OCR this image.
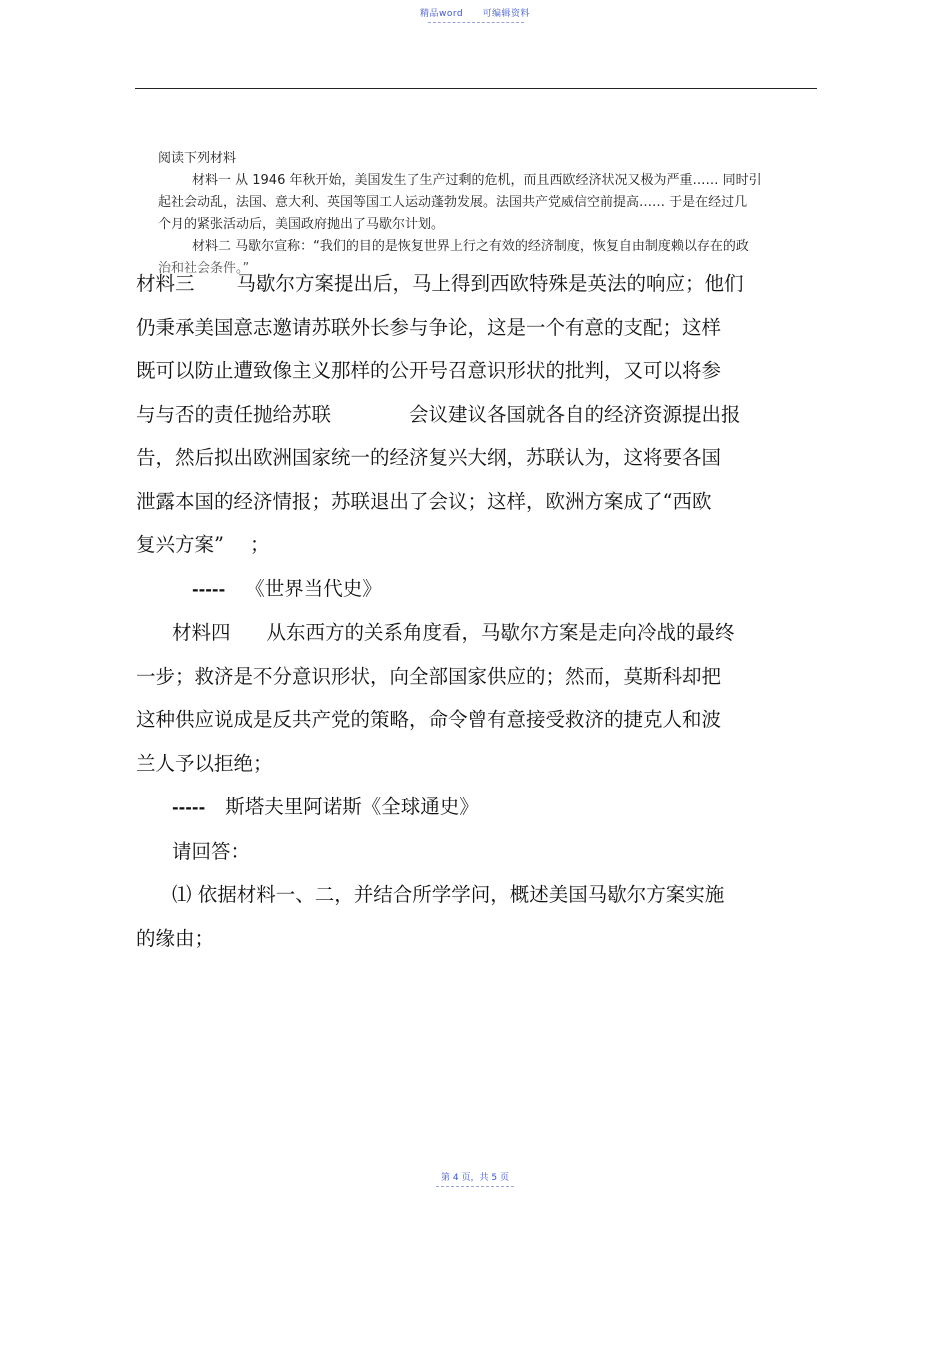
精品word 可编辑资料

阅读下列材料

材料一 从 1946 年秋开始，美国发生了生产过剩的危机，而且西欧经济状况又极为严重…… 同时引

起社会动乱，法国、意大利、英国等国工人运动蓬勃发展。法国共产党威信空前提高…… 于是在经过几

个月的紧张活动后，美国政府抛出了马歇尔计划。

材料二 马歇尔宣称：“我们的目的是恢复世界上行之有效的经济制度，恢复自由制度赖以存在的政

治和社会条件。”

材料三 马歇尔方案提出后，马上得到西欧特殊是英法的响应；他们

仍秉承美国意志邀请苏联外长参与争论，这是一个有意的支配；这样

既可以防止遭致像主义那样的公开号召意识形状的批判，又可以将参

与与否的责任抛给苏联	会议建议各国就各自的经济资源提出报

告，然后拟出欧洲国家统一的经济复兴大纲，苏联认为，这将要各国

泄露本国的经济情报；苏联退出了会议；这样，欧洲方案成了“西欧

复兴方案” ；

----- 《世界当代史》

材料四 从东西方的关系角度看，马歇尔方案是走向冷战的最终

一步；救济是不分意识形状，向全部国家供应的；然而，莫斯科却把

这种供应说成是反共产党的策略，命令曾有意接受救济的捷克人和波

兰人予以拒绝；

----- 斯塔夫里阿诺斯《全球通史》

请回答：

⑴ 依据材料一、二，并结合所学学问，概述美国马歇尔方案实施

的缘由；

第 4 页，共 5 页
